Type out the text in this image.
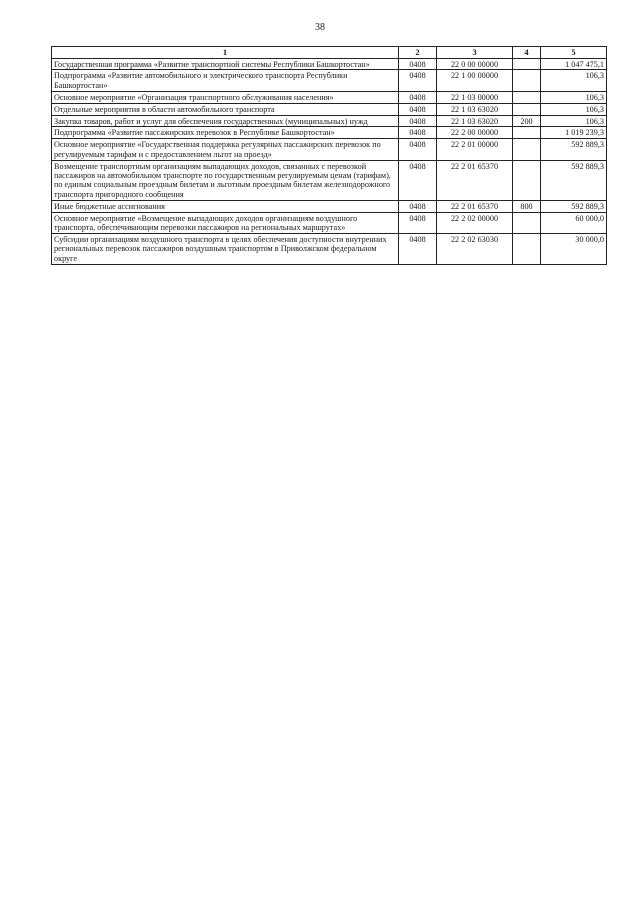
38
1	2	3	4	5
Государственная программа «Развитие транспортной системы Республики Башкортостан»	0408	22 0 00 00000		1 047 475,1
Подпрограмма «Развитие автомобильного и электрического транспорта Республики Башкортостан»	0408	22 1 00 00000		106,3
Основное мероприятие «Организация транспортного обслуживания населения»	0408	22 1 03 00000		106,3
Отдельные мероприятия в области автомобильного транспорта	0408	22 1 03 63020		106,3
Закупка товаров, работ и услуг для обеспечения государственных (муниципальных) нужд	0408	22 1 03 63020	200	106,3
Подпрограмма «Развитие пассажирских перевозок в Республике Башкортостан»	0408	22 2 00 00000		1 019 239,3
Основное мероприятие «Государственная поддержка регулярных пассажирских перевозок по регулируемым тарифам и с предоставлением льгот на проезд»	0408	22 2 01 00000		592 889,3
Возмещение транспортным организациям выпадающих доходов, связанных с перевозкой пассажиров на автомобильном транспорте по государственным регулируемым ценам (тарифам), по единым социальным проездным билетам и льготным проездным билетам железнодорожного транспорта пригородного сообщения	0408	22 2 01 65370		592 889,3
Иные бюджетные ассигнования	0408	22 2 01 65370	800	592 889,3
Основное мероприятие «Возмещение выпадающих доходов организациям воздушного транспорта, обеспечивающим перевозки пассажиров на региональных маршрутах»	0408	22 2 02 00000		60 000,0
Субсидии организациям воздушного транспорта в целях обеспечения доступности внутренних региональных перевозок пассажиров воздушным транспортом в Приволжском федеральном округе	0408	22 2 02 63030		30 000,0
